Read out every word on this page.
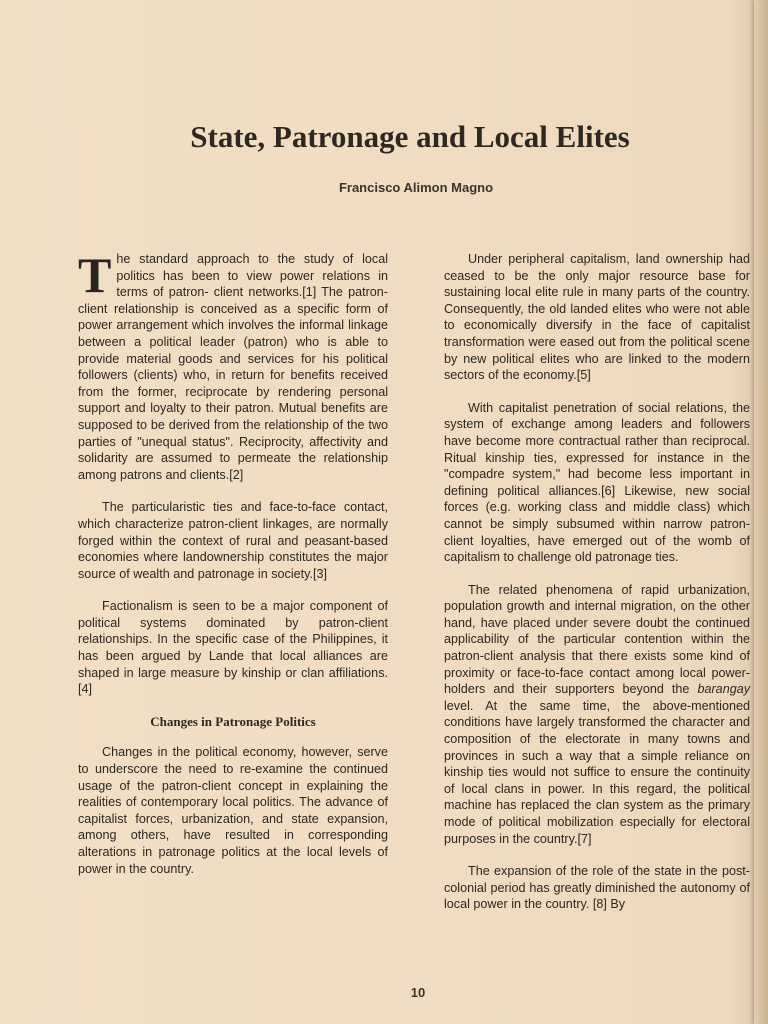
State, Patronage and Local Elites
Francisco Alimon Magno

The standard approach to the study of local politics has been to view power relations in terms of patron- client networks.[1] The patron-client relationship is conceived as a specific form of power arrangement which involves the informal linkage between a political leader (patron) who is able to provide material goods and services for his political followers (clients) who, in return for benefits received from the former, reciprocate by rendering personal support and loyalty to their patron. Mutual benefits are supposed to be derived from the relationship of the two parties of "unequal status". Reciprocity, affectivity and solidarity are assumed to permeate the relationship among patrons and clients.[2]

The particularistic ties and face-to-face contact, which characterize patron-client linkages, are normally forged within the context of rural and peasant-based economies where landownership constitutes the major source of wealth and patronage in society.[3]

Factionalism is seen to be a major component of political systems dominated by patron-client relationships. In the specific case of the Philippines, it has been argued by Lande that local alliances are shaped in large measure by kinship or clan affiliations.[4]

Changes in Patronage Politics

Changes in the political economy, however, serve to underscore the need to re-examine the continued usage of the patron-client concept in explaining the realities of contemporary local politics. The advance of capitalist forces, urbanization, and state expansion, among others, have resulted in corresponding alterations in patronage politics at the local levels of power in the country.

Under peripheral capitalism, land ownership had ceased to be the only major resource base for sustaining local elite rule in many parts of the country. Consequently, the old landed elites who were not able to economically diversify in the face of capitalist transformation were eased out from the political scene by new political elites who are linked to the modern sectors of the economy.[5]

With capitalist penetration of social relations, the system of exchange among leaders and followers have become more contractual rather than reciprocal. Ritual kinship ties, expressed for instance in the "compadre system," had become less important in defining political alliances.[6] Likewise, new social forces (e.g. working class and middle class) which cannot be simply subsumed within narrow patron-client loyalties, have emerged out of the womb of capitalism to challenge old patronage ties.

The related phenomena of rapid urbanization, population growth and internal migration, on the other hand, have placed under severe doubt the continued applicability of the particular contention within the patron-client analysis that there exists some kind of proximity or face-to-face contact among local power-holders and their supporters beyond the barangay level. At the same time, the above-mentioned conditions have largely transformed the character and composition of the electorate in many towns and provinces in such a way that a simple reliance on kinship ties would not suffice to ensure the continuity of local clans in power. In this regard, the political machine has replaced the clan system as the primary mode of political mobilization especially for electoral purposes in the country.[7]

The expansion of the role of the state in the post-colonial period has greatly diminished the autonomy of local power in the country. [8] By

10
